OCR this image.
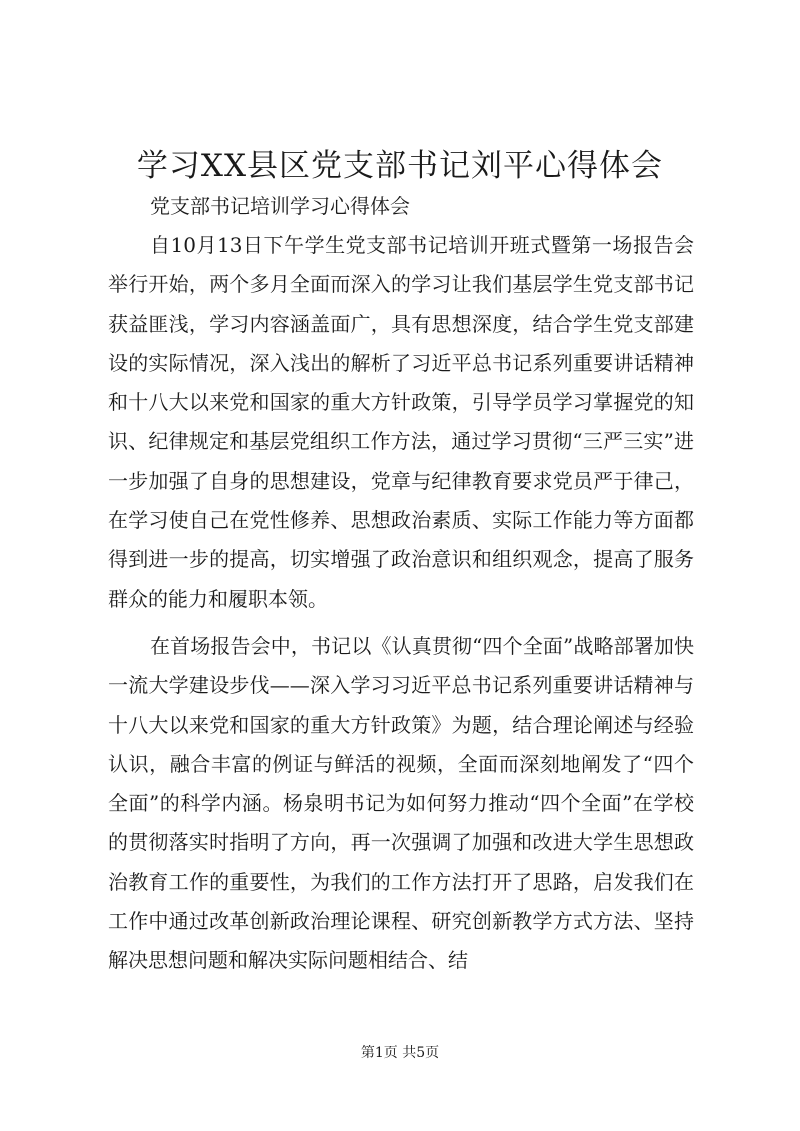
学习XX县区党支部书记刘平心得体会

党支部书记培训学习心得体会

自10月13日下午学生党支部书记培训开班式暨第一场报告会举行开始，两个多月全面而深入的学习让我们基层学生党支部书记获益匪浅，学习内容涵盖面广，具有思想深度，结合学生党支部建设的实际情况，深入浅出的解析了习近平总书记系列重要讲话精神和十八大以来党和国家的重大方针政策，引导学员学习掌握党的知识、纪律规定和基层党组织工作方法，通过学习贯彻“三严三实”进一步加强了自身的思想建设，党章与纪律教育要求党员严于律己，在学习使自己在党性修养、思想政治素质、实际工作能力等方面都得到进一步的提高，切实增强了政治意识和组织观念，提高了服务群众的能力和履职本领。

在首场报告会中，书记以《认真贯彻“四个全面”战略部署加快一流大学建设步伐——深入学习习近平总书记系列重要讲话精神与十八大以来党和国家的重大方针政策》为题，结合理论阐述与经验认识，融合丰富的例证与鲜活的视频，全面而深刻地阐发了“四个全面”的科学内涵。杨泉明书记为如何努力推动“四个全面”在学校的贯彻落实时指明了方向，再一次强调了加强和改进大学生思想政治教育工作的重要性，为我们的工作方法打开了思路，启发我们在工作中通过改革创新政治理论课程、研究创新教学方式方法、坚持解决思想问题和解决实际问题相结合、结

第1页 共5页
